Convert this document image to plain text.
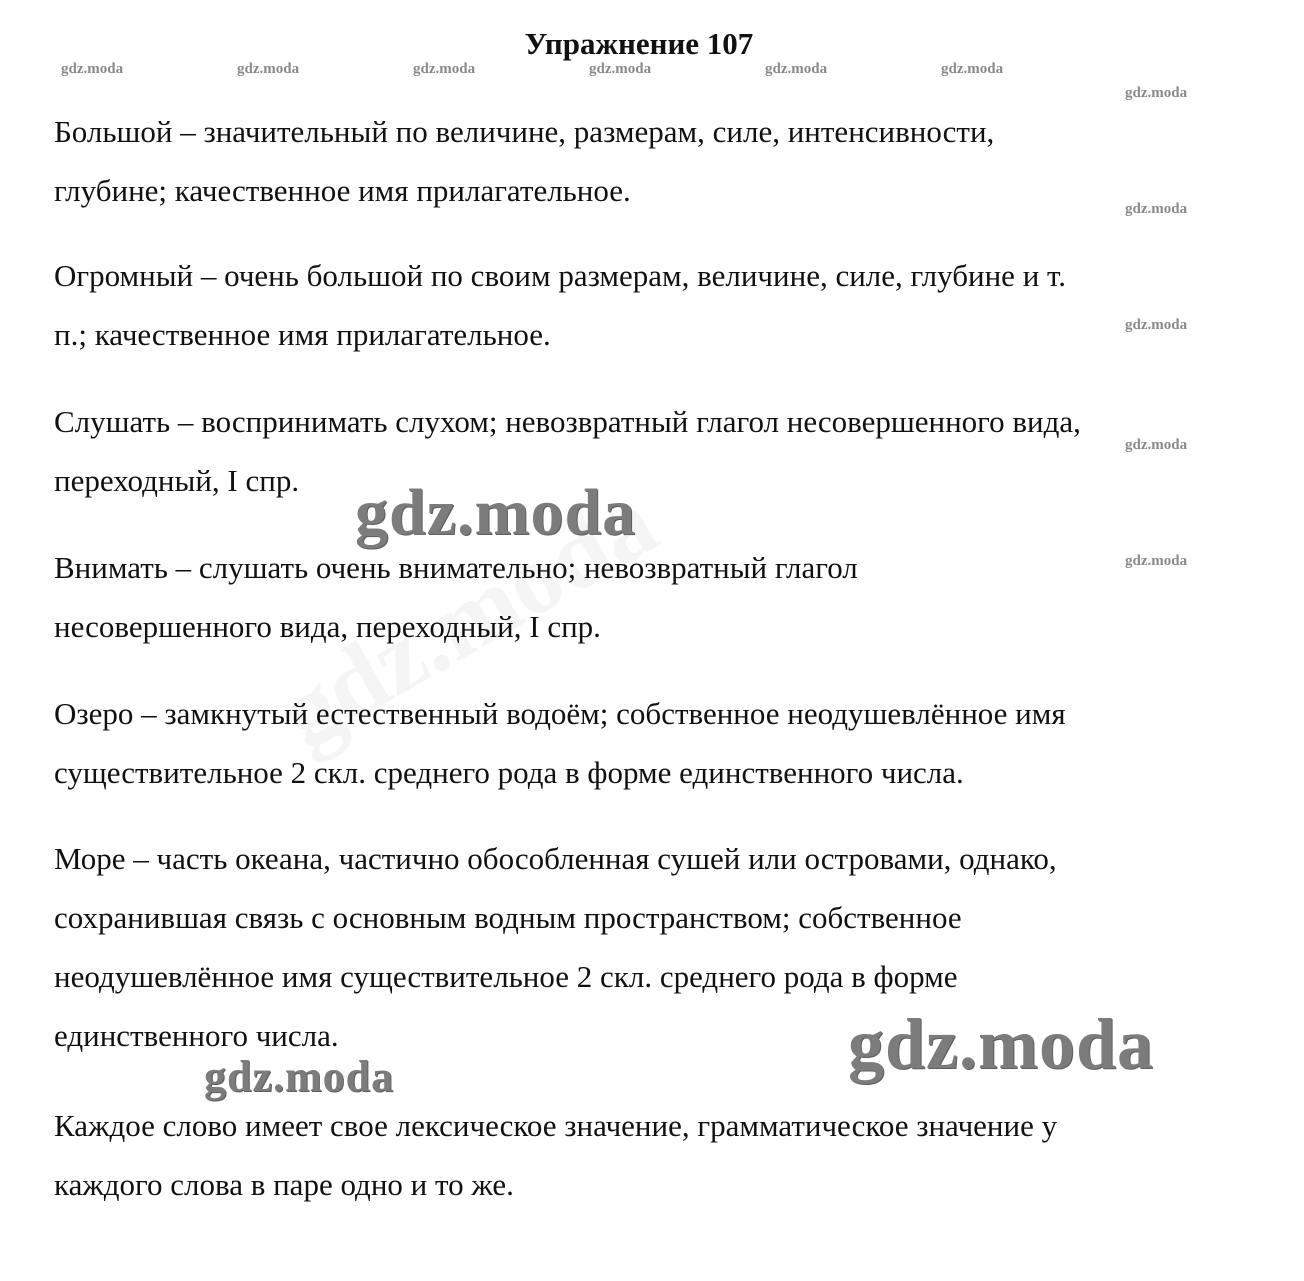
Упражнение 107
gdz.moda	gdz.moda	gdz.moda	gdz.moda	gdz.moda	gdz.moda
gdz.moda
gdz.moda
gdz.moda
gdz.moda
gdz.moda
Большой – значительный по величине, размерам, силе, интенсивности,
глубине; качественное имя прилагательное.
Огромный – очень большой по своим размерам, величине, силе, глубине и т.
п.; качественное имя прилагательное.
Слушать – воспринимать слухом; невозвратный глагол несовершенного вида,
переходный, I спр.
Внимать – слушать очень внимательно; невозвратный глагол
несовершенного вида, переходный, I спр.
Озеро – замкнутый естественный водоём; собственное неодушевлённое имя
существительное 2 скл. среднего рода в форме единственного числа.
Море – часть океана, частично обособленная сушей или островами, однако,
сохранившая связь с основным водным пространством; собственное
неодушевлённое имя существительное 2 скл. среднего рода в форме
единственного числа.
Каждое слово имеет свое лексическое значение, грамматическое значение у
каждого слова в паре одно и то же.
gdz.moda
gdz.moda
gdz.moda
